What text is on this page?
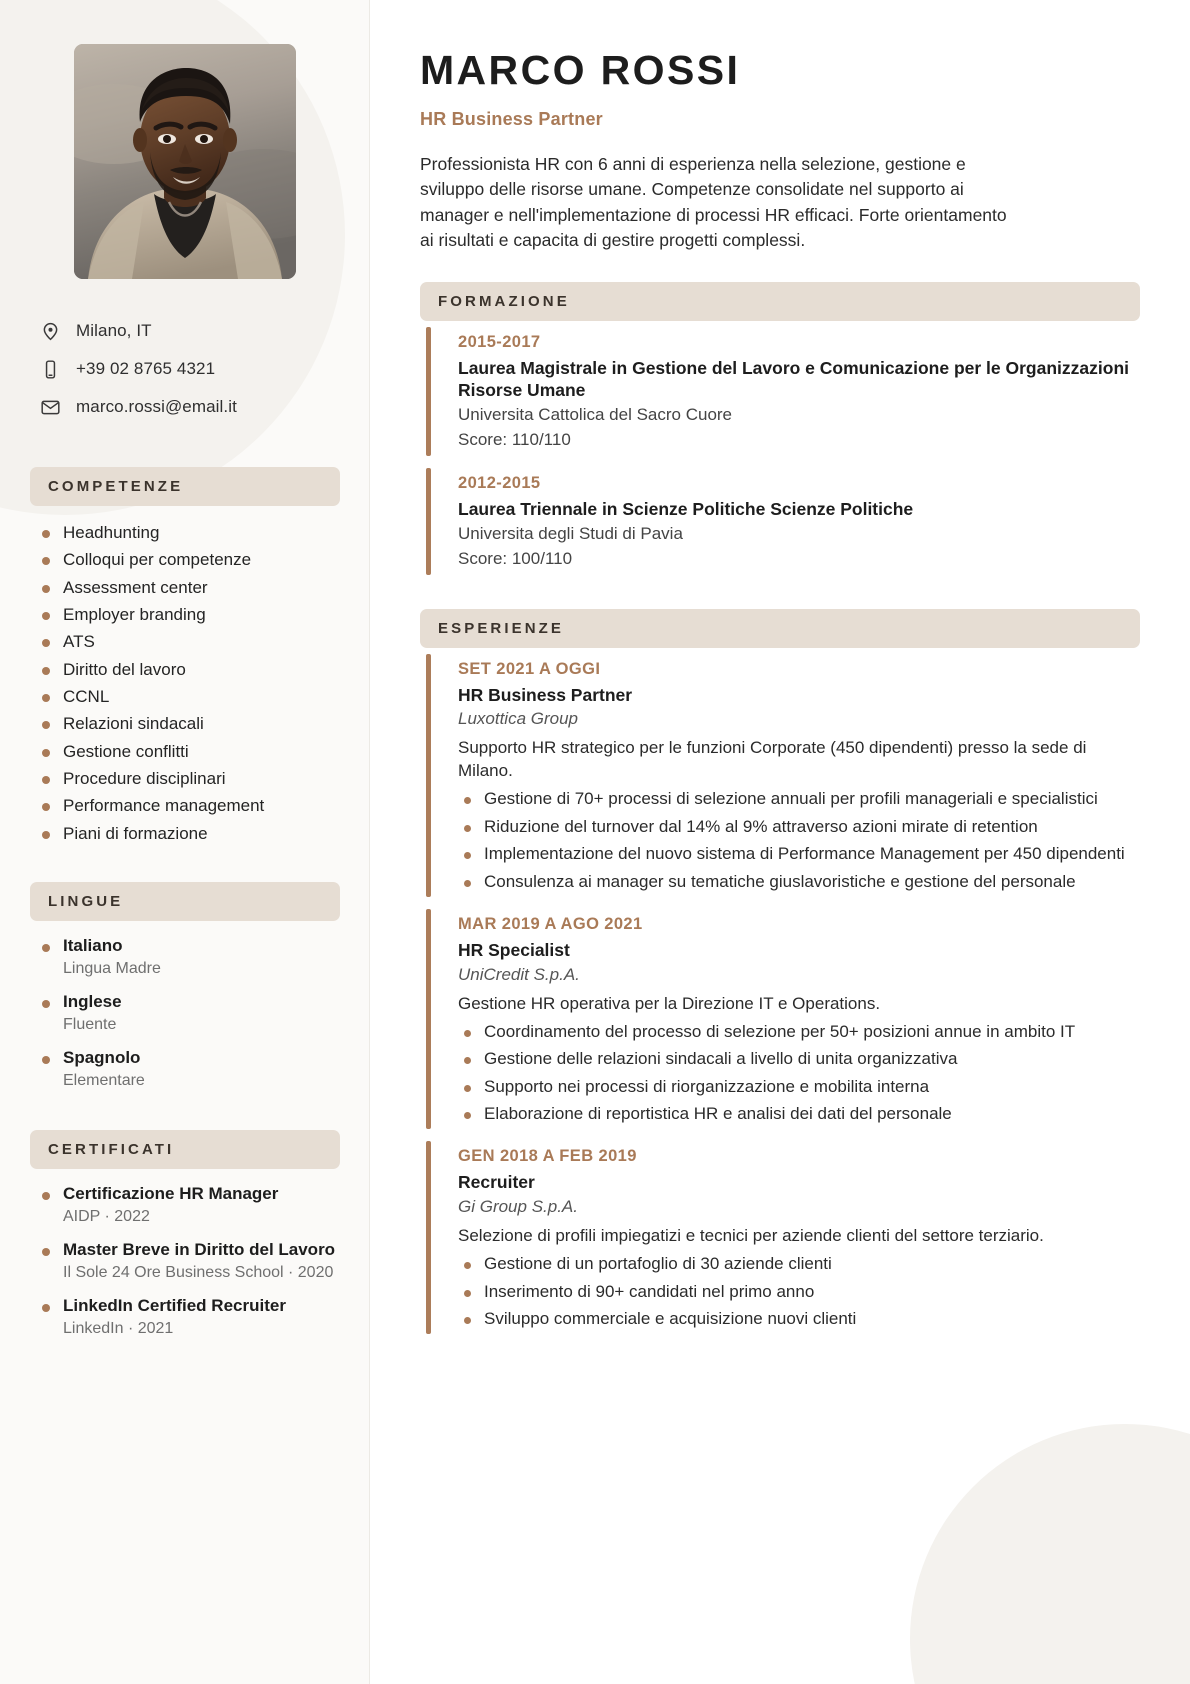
Milano, IT
+39 02 8765 4321
marco.rossi@email.it
COMPETENZE
Headhunting
Colloqui per competenze
Assessment center
Employer branding
ATS
Diritto del lavoro
CCNL
Relazioni sindacali
Gestione conflitti
Procedure disciplinari
Performance management
Piani di formazione
LINGUE
Italiano
Lingua Madre
Inglese
Fluente
Spagnolo
Elementare
CERTIFICATI
Certificazione HR Manager
AIDP · 2022
Master Breve in Diritto del Lavoro
Il Sole 24 Ore Business School · 2020
LinkedIn Certified Recruiter
LinkedIn · 2021
MARCO ROSSI
HR Business Partner

Professionista HR con 6 anni di esperienza nella selezione, gestione e sviluppo delle risorse umane. Competenze consolidate nel supporto ai manager e nell'implementazione di processi HR efficaci. Forte orientamento ai risultati e capacita di gestire progetti complessi.

FORMAZIONE
2015-2017
Laurea Magistrale in Gestione del Lavoro e Comunicazione per le Organizzazioni Risorse Umane
Universita Cattolica del Sacro Cuore
Score: 110/110
2012-2015
Laurea Triennale in Scienze Politiche Scienze Politiche
Universita degli Studi di Pavia
Score: 100/110
ESPERIENZE
SET 2021 A OGGI
HR Business Partner
Luxottica Group
Supporto HR strategico per le funzioni Corporate (450 dipendenti) presso la sede di Milano.
Gestione di 70+ processi di selezione annuali per profili manageriali e specialistici
Riduzione del turnover dal 14% al 9% attraverso azioni mirate di retention
Implementazione del nuovo sistema di Performance Management per 450 dipendenti
Consulenza ai manager su tematiche giuslavoristiche e gestione del personale
MAR 2019 A AGO 2021
HR Specialist
UniCredit S.p.A.
Gestione HR operativa per la Direzione IT e Operations.
Coordinamento del processo di selezione per 50+ posizioni annue in ambito IT
Gestione delle relazioni sindacali a livello di unita organizzativa
Supporto nei processi di riorganizzazione e mobilita interna
Elaborazione di reportistica HR e analisi dei dati del personale
GEN 2018 A FEB 2019
Recruiter
Gi Group S.p.A.
Selezione di profili impiegatizi e tecnici per aziende clienti del settore terziario.
Gestione di un portafoglio di 30 aziende clienti
Inserimento di 90+ candidati nel primo anno
Sviluppo commerciale e acquisizione nuovi clienti
